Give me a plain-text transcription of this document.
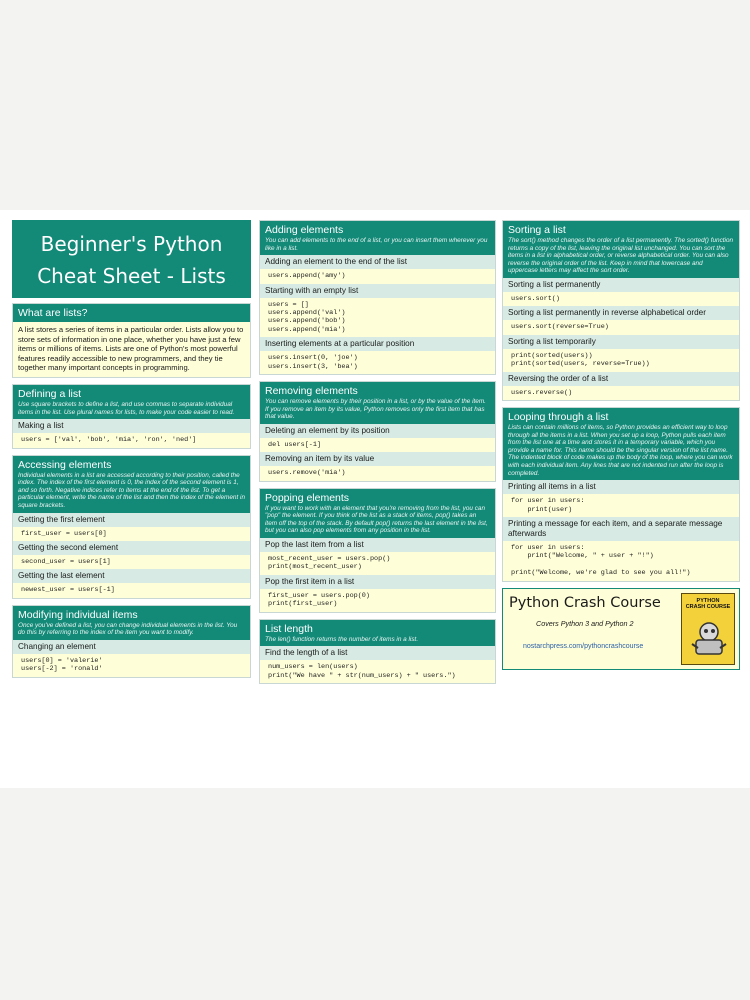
Beginner's Python
Cheat Sheet - Lists
What are lists?
A list stores a series of items in a particular order. Lists allow you to store sets of information in one place, whether you have just a few items or millions of items. Lists are one of Python's most powerful features readily accessible to new programmers, and they tie together many important concepts in programming.
Defining a list

Use square brackets to define a list, and use commas to separate individual items in the list. Use plural names for lists, to make your code easier to read.

Making a list
users = ['val', 'bob', 'mia', 'ron', 'ned']
Accessing elements

Individual elements in a list are accessed according to their position, called the index. The index of the first element is 0, the index of the second element is 1, and so forth. Negative indices refer to items at the end of the list. To get a particular element, write the name of the list and then the index of the element in square brackets.

Getting the first element
first_user = users[0]
Getting the second element
second_user = users[1]
Getting the last element
newest_user = users[-1]
Modifying individual items

Once you've defined a list, you can change individual elements in the list. You do this by referring to the index of the item you want to modify.

Changing an element
users[0] = 'valerie'
users[-2] = 'ronald'
Adding elements

You can add elements to the end of a list, or you can insert them wherever you like in a list.

Adding an element to the end of the list
users.append('amy')
Starting with an empty list
users = []
users.append('val')
users.append('bob')
users.append('mia')
Inserting elements at a particular position
users.insert(0, 'joe')
users.insert(3, 'bea')
Removing elements

You can remove elements by their position in a list, or by the value of the item. If you remove an item by its value, Python removes only the first item that has that value.

Deleting an element by its position
del users[-1]
Removing an item by its value
users.remove('mia')
Popping elements

If you want to work with an element that you're removing from the list, you can "pop" the element. If you think of the list as a stack of items, pop() takes an item off the top of the stack. By default pop() returns the last element in the list, but you can also pop elements from any position in the list.

Pop the last item from a list
most_recent_user = users.pop()
print(most_recent_user)
Pop the first item in a list
first_user = users.pop(0)
print(first_user)
List length

The len() function returns the number of items in a list.

Find the length of a list
num_users = len(users)
print("We have " + str(num_users) + " users.")
Sorting a list

The sort() method changes the order of a list permanently. The sorted() function returns a copy of the list, leaving the original list unchanged. You can sort the items in a list in alphabetical order, or reverse alphabetical order. You can also reverse the original order of the list. Keep in mind that lowercase and uppercase letters may affect the sort order.

Sorting a list permanently
users.sort()
Sorting a list permanently in reverse alphabetical order
users.sort(reverse=True)
Sorting a list temporarily
print(sorted(users))
print(sorted(users, reverse=True))
Reversing the order of a list
users.reverse()
Looping through a list

Lists can contain millions of items, so Python provides an efficient way to loop through all the items in a list. When you set up a loop, Python pulls each item from the list one at a time and stores it in a temporary variable, which you provide a name for. This name should be the singular version of the list name.
The indented block of code makes up the body of the loop, where you can work with each individual item. Any lines that are not indented run after the loop is completed.

Printing all items in a list
for user in users:
print(user)
Printing a message for each item, and a separate message afterwards
for user in users:
print("Welcome, " + user + "!")

print("Welcome, we're glad to see you all!")
Python Crash Course
Covers Python 3 and Python 2
nostarchpress.com/pythoncrashcourse
PYTHON
CRASH COURSE
